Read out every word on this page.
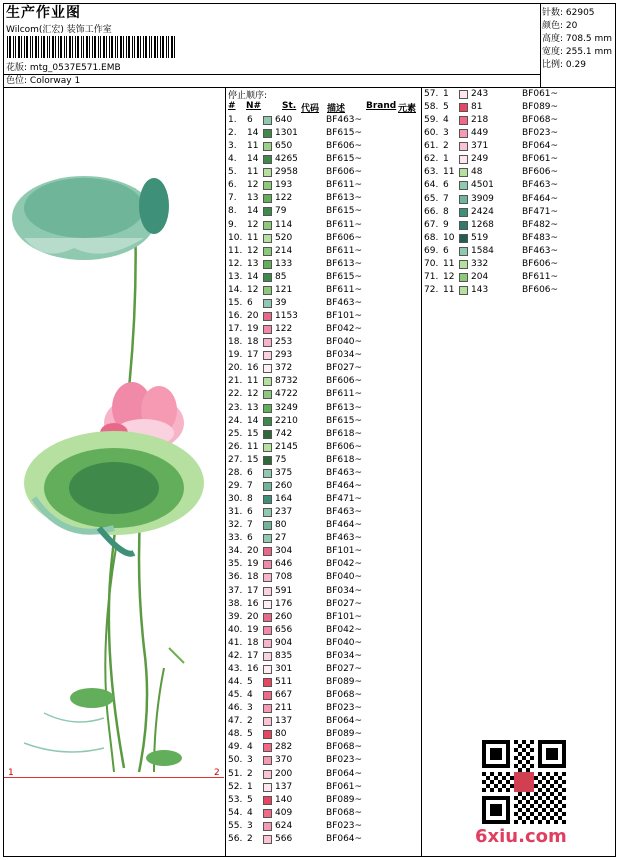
生产作业图
Wilcom(汇宏) 装饰工作室
花版: mtg_0537E571.EMB
色位: Colorway 1
针数: 62905
颜色: 20
高度: 708.5 mm
宽度: 255.1 mm
比例: 0.29
1	2
停止顺序:
# N# St. 代码 描述 Brand 元素
1. 6 640	BF463~
2. 14 1301	BF615~
3. 11 650	BF606~
4. 14 4265	BF615~
5. 11 2958	BF606~
6. 12 193	BF611~
7. 13 122	BF613~
8. 14 79	BF615~
9. 12 114	BF611~
10. 11 520	BF606~
11. 12 214	BF611~
12. 13 133	BF613~
13. 14 85	BF615~
14. 12 121	BF611~
15. 6 39	BF463~
16. 20 1153	BF101~
17. 19 122	BF042~
18. 18 253	BF040~
19. 17 293	BF034~
20. 16 372	BF027~
21. 11 8732	BF606~
22. 12 4722	BF611~
23. 13 3249	BF613~
24. 14 2210	BF615~
25. 15 742	BF618~
26. 11 2145	BF606~
27. 15 75	BF618~
28. 6 375	BF463~
29. 7 260	BF464~
30. 8 164	BF471~
31. 6 237	BF463~
32. 7 80	BF464~
33. 6 27	BF463~
34. 20 304	BF101~
35. 19 646	BF042~
36. 18 708	BF040~
37. 17 591	BF034~
38. 16 176	BF027~
39. 20 260	BF101~
40. 19 656	BF042~
41. 18 904	BF040~
42. 17 835	BF034~
43. 16 301	BF027~
44. 5 511	BF089~
45. 4 667	BF068~
46. 3 211	BF023~
47. 2 137	BF064~
48. 5 80	BF089~
49. 4 282	BF068~
50. 3 370	BF023~
51. 2 200	BF064~
52. 1 137	BF061~
53. 5 140	BF089~
54. 4 409	BF068~
55. 3 624	BF023~
56. 2 566	BF064~
57. 1 243	BF061~
58. 5 81	BF089~
59. 4 218	BF068~
60. 3 449	BF023~
61. 2 371	BF064~
62. 1 249	BF061~
63. 11 48	BF606~
64. 6 4501	BF463~
65. 7 3909	BF464~
66. 8 2424	BF471~
67. 9 1268	BF482~
68. 10 519	BF483~
69. 6 1584	BF463~
70. 11 332	BF606~
71. 12 204	BF611~
72. 11 143	BF606~
6xiu.com
